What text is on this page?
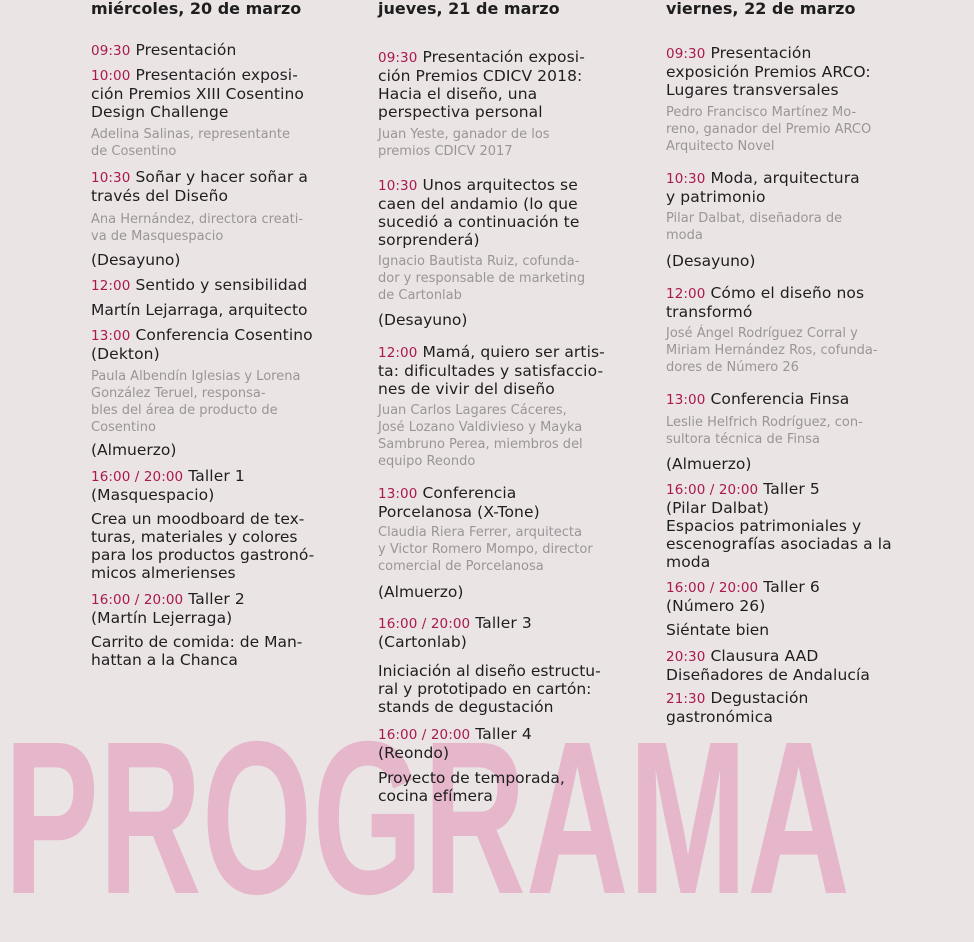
PROGRAMA
miércoles, 20 de marzo
09:30 Presentación
10:00 Presentación exposi-
ción Premios XIII Cosentino
Design Challenge
Adelina Salinas, representante
de Cosentino
10:30 Soñar y hacer soñar a
través del Diseño
Ana Hernández, directora creati-
va de Masquespacio
(Desayuno)
12:00 Sentido y sensibilidad
Martín Lejarraga, arquitecto
13:00 Conferencia Cosentino
(Dekton)
Paula Albendín Iglesias y Lorena
González Teruel, responsa-
bles del área de producto de
Cosentino
(Almuerzo)
16:00 / 20:00 Taller 1
(Masquespacio)
Crea un moodboard de tex-
turas, materiales y colores
para los productos gastronó-
micos almerienses
16:00 / 20:00 Taller 2
(Martín Lejerraga)
Carrito de comida: de Man-
hattan a la Chanca
jueves, 21 de marzo
09:30 Presentación exposi-
ción Premios CDICV 2018:
Hacia el diseño, una
perspectiva personal
Juan Yeste, ganador de los
premios CDICV 2017
10:30 Unos arquitectos se
caen del andamio (lo que
sucedió a continuación te
sorprenderá)
Ignacio Bautista Ruiz, cofunda-
dor y responsable de marketing
de Cartonlab
(Desayuno)
12:00 Mamá, quiero ser artis-
ta: dificultades y satisfaccio-
nes de vivir del diseño
Juan Carlos Lagares Cáceres,
José Lozano Valdivieso y Mayka
Sambruno Perea, miembros del
equipo Reondo
13:00 Conferencia
Porcelanosa (X-Tone)
Claudia Riera Ferrer, arquitecta
y Victor Romero Mompo, director
comercial de Porcelanosa
(Almuerzo)
16:00 / 20:00 Taller 3
(Cartonlab)
Iniciación al diseño estructu-
ral y prototipado en cartón:
stands de degustación
16:00 / 20:00 Taller 4
(Reondo)
Proyecto de temporada,
cocina efímera
viernes, 22 de marzo
09:30 Presentación
exposición Premios ARCO:
Lugares transversales
Pedro Francisco Martínez Mo-
reno, ganador del Premio ARCO
Arquitecto Novel
10:30 Moda, arquitectura
y patrimonio
Pilar Dalbat, diseñadora de
moda
(Desayuno)
12:00 Cómo el diseño nos
transformó
José Ángel Rodríguez Corral y
Miriam Hernández Ros, cofunda-
dores de Número 26
13:00 Conferencia Finsa
Leslie Helfrich Rodríguez, con-
sultora técnica de Finsa
(Almuerzo)
16:00 / 20:00 Taller 5
(Pilar Dalbat)
Espacios patrimoniales y
escenografías asociadas a la
moda
16:00 / 20:00 Taller 6
(Número 26)
Siéntate bien
20:30 Clausura AAD
Diseñadores de Andalucía
21:30 Degustación
gastronómica
